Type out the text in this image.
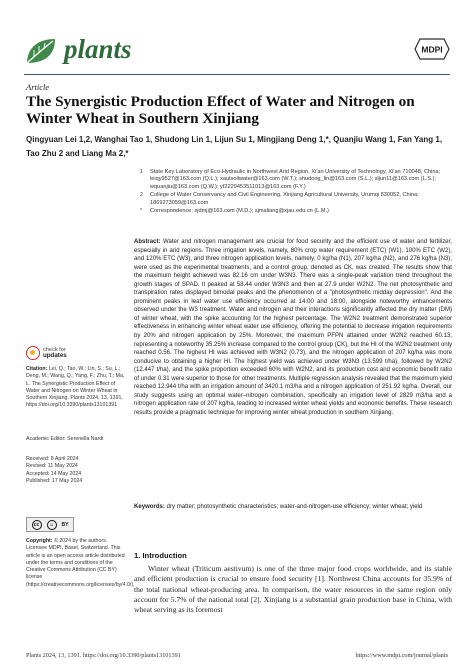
plants	MDPI
Article
The Synergistic Production Effect of Water and Nitrogen on Winter Wheat in Southern Xinjiang
Qingyuan Lei 1,2, Wanghai Tao 1, Shudong Lin 1, Lijun Su 1, Mingjiang Deng 1,*, Quanjiu Wang 1, Fan Yang 1, Tao Zhu 2 and Liang Ma 2,*
1	State Key Laboratory of Eco-Hydraulic in Northwest Arid Region, Xi'an University of Technology, Xi'an 710048, China; leiqy9527@163.com (Q.L.); xautsoilwater@163.com (W.T.); shudong_lin@163.com (S.L.); sljun11@163.com (L.S.); wquanjiu@163.com (Q.W.); yf2229453511013@163.com (F.Y.)
2	College of Water Conservancy and Civil Engineering, Xinjiang Agricultural University, Urumqi 830052, China; 1869273059@163.com
*	Correspondence: xjdmj@163.com (M.D.); sjmaliang@xjau.edu.cn (L.M.)
Abstract: Water and nitrogen management are crucial for food security and the efficient use of water and fertilizer, especially in arid regions. Three irrigation levels, namely, 80% crop water requirement (ETC) (W1), 100% ETC (W2), and 120% ETC (W3), and three nitrogen application levels, namely, 0 kg/ha (N1), 207 kg/ha (N2), and 276 kg/ha (N3), were used as the experimental treatments, and a control group, denoted as CK, was created. The results show that the maximum height achieved was 82.16 cm under W3N3. There was a single-peak variation trend throughout the growth stages of SPAD. It peaked at 58.44 under W3N3 and then at 27.9 under W2N2. The net photosynthetic and transpiration rates displayed bimodal peaks and the phenomenon of a "photosynthetic midday depression". And the prominent peaks in leaf water use efficiency occurred at 14:00 and 18:00, alongside noteworthy enhancements observed under the W3 treatment. Water and nitrogen and their interactions significantly affected the dry matter (DM) of winter wheat, with the spike accounting for the highest percentage. The W2N2 treatment demonstrated superior effectiveness in enhancing winter wheat water use efficiency, offering the potential to decrease irrigation requirements by 20% and nitrogen application by 25%. Moreover, the maximum PFPN attained under W2N2 reached 60.13, representing a noteworthy 35.25% increase compared to the control group (CK), but the HI of the W2N2 treatment only reached 0.56. The highest HI was achieved with W3N2 (0.73), and the nitrogen application of 207 kg/ha was more conducive to obtaining a higher HI. The highest yield was achieved under W3N3 (13.599 t/ha), followed by W2N2 (12.447 t/ha), and the spike proportion exceeded 60% with W2N2, and its production cost and economic benefit ratio of under 0.31 were superior to those for other treatments. Multiple regression analysis revealed that the maximum yield reached 12.944 t/ha with an irrigation amount of 3420.1 m3/ha and a nitrogen application of 251.92 kg/ha. Overall, our study suggests using an optimal water–nitrogen combination, specifically an irrigation level of 2829 m3/ha and a nitrogen application rate of 207 kg/ha, leading to increased winter wheat yields and economic benefits. These research results provide a pragmatic technique for improving winter wheat production in southern Xinjiang.
Keywords: dry matter; photosynthetic characteristics; water-and-nitrogen-use efficiency; winter wheat; yield
1. Introduction
Winter wheat (Triticum aestivum) is one of the three major food crops worldwide, and its stable and efficient production is crucial to ensure food security [1]. Northwest China accounts for 35.9% of the total national wheat-producing area. In comparison, the water resources in the same region only account for 5.7% of the national total [2]. Xinjiang is a substantial grain production base in China, with wheat serving as its foremost
check for
updates
Citation: Lei, Q.; Tao, W.; Lin, S.; Su, L.; Deng, M.; Wang, Q.; Yang, F.; Zhu, T.; Ma, L. The Synergistic Production Effect of Water and Nitrogen on Winter Wheat in Southern Xinjiang. Plants 2024, 13, 1391. https://doi.org/10.3390/plants13101391
Academic Editor: Serenella Nardi
Received: 8 April 2024
Revised: 11 May 2024
Accepted: 14 May 2024
Published: 17 May 2024
cc	☺	BY
Copyright: © 2024 by the authors. Licensee MDPI, Basel, Switzerland. This article is an open access article distributed under the terms and conditions of the Creative Commons Attribution (CC BY) license (https://creativecommons.org/licenses/by/4.0/).
Plants 2024, 13, 1391. https://doi.org/10.3390/plants13101391	https://www.mdpi.com/journal/plants
